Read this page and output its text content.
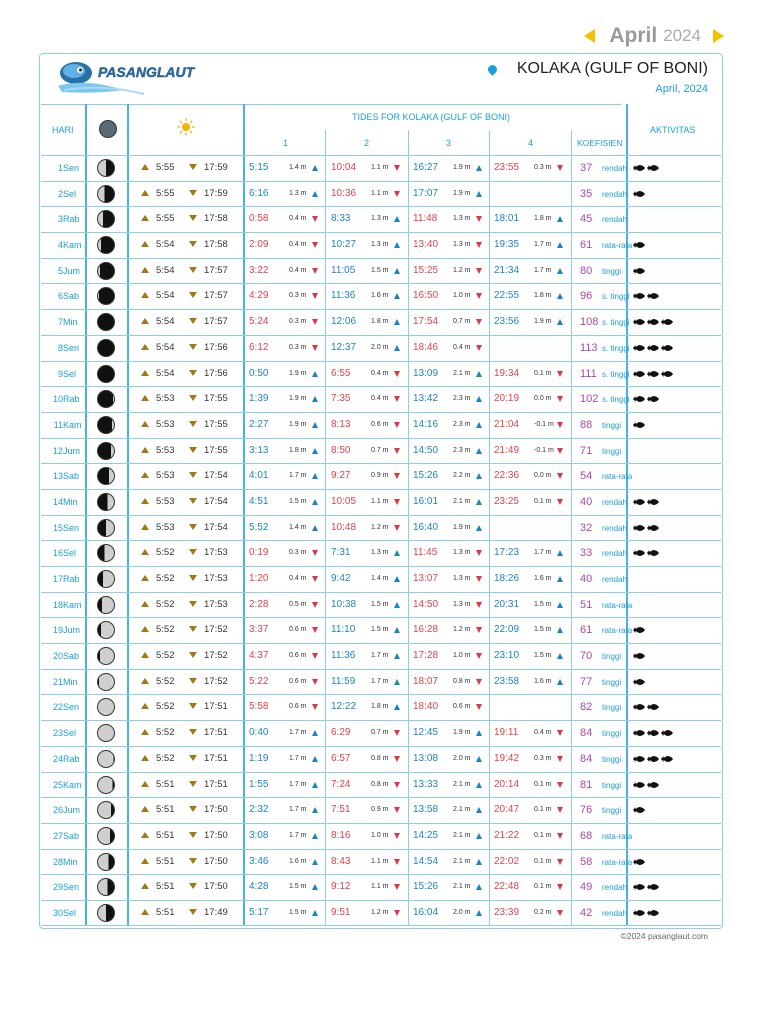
April 2024
PASANGLAUT	KOLAKA (GULF OF BONI)
April, 2024
HARI
TIDES FOR KOLAKA (GULF OF BONI)
1	2	3	4	KOEFISIEN
AKTIVITAS
1 Sen	5:55	17:59 5:15	1.4 m 10:04 1.1 m 16:27 1.9 m 23:55 0.3 m	37 rendah
2 Sel	5:55	17:59 6:16	1.3 m 10:36 1.1 m 17:07 1.9 m	35 rendah
3 Rab	5:55	17:58 0:58	0.4 m 8:33	1.3 m 11:48 1.3 m 18:01 1.8 m	45 rendah
4 Kam	5:54	17:58 2:09	0.4 m 10:27 1.3 m 13:40 1.3 m 19:35 1.7 m	61 rata-rata
5 Jum	5:54	17:57 3:22	0.4 m 11:05 1.5 m 15:25 1.2 m 21:34 1.7 m	80 tinggi
6 Sab	5:54	17:57 4:29	0.3 m 11:36 1.6 m 16:50 1.0 m 22:55 1.8 m	96 s. tinggi
7 Min	5:54	17:57 5:24	0.3 m 12:06 1.8 m 17:54 0.7 m 23:56 1.9 m	108 s. tinggi
8 Sen	5:54	17:56 6:12	0.3 m 12:37 2.0 m 18:46 0.4 m	113 s. tinggi
9 Sel	5:54	17:56 0:50	1.9 m 6:55	0.4 m 13:09 2.1 m 19:34 0.1 m	111 s. tinggi
10 Rab	5:53	17:55 1:39	1.9 m 7:35	0.4 m 13:42 2.3 m 20:19 0.0 m	102 s. tinggi
11 Kam	5:53	17:55 2:27	1.9 m 8:13	0.6 m 14:16 2.3 m 21:04 -0.1 m 88 tinggi
12 Jum	5:53	17:55 3:13	1.8 m 8:50	0.7 m 14:50 2.3 m 21:49 -0.1 m 71 tinggi
13 Sab	5:53	17:54 4:01	1.7 m 9:27	0.9 m 15:26 2.2 m 22:36 0.0 m	54 rata-rata
14 Min	5:53	17:54 4:51	1.5 m 10:05 1.1 m 16:01 2.1 m 23:25 0.1 m	40 rendah
15 Sen	5:53	17:54 5:52	1.4 m 10:48 1.2 m 16:40 1.9 m	32 rendah
16 Sel	5:52	17:53 0:19	0.3 m 7:31	1.3 m 11:45 1.3 m 17:23 1.7 m	33 rendah
17 Rab	5:52	17:53 1:20	0.4 m 9:42	1.4 m 13:07 1.3 m 18:26 1.6 m	40 rendah
18 Kam	5:52	17:53 2:28	0.5 m 10:38 1.5 m 14:50 1.3 m 20:31 1.5 m	51 rata-rata
19 Jum	5:52	17:52 3:37	0.6 m 11:10 1.5 m 16:28 1.2 m 22:09 1.5 m	61 rata-rata
20 Sab	5:52	17:52 4:37	0.6 m 11:36 1.7 m 17:28 1.0 m 23:10 1.5 m	70 tinggi
21 Min	5:52	17:52 5:22	0.6 m 11:59 1.7 m 18:07 0.8 m 23:58 1.6 m	77 tinggi
22 Sen	5:52	17:51 5:58	0.6 m 12:22 1.8 m 18:40 0.6 m	82 tinggi
23 Sel	5:52	17:51 0:40	1.7 m 6:29	0.7 m 12:45 1.9 m 19:11 0.4 m	84 tinggi
24 Rab	5:52	17:51 1:19	1.7 m 6:57	0.8 m 13:08 2.0 m 19:42 0.3 m	84 tinggi
25 Kam	5:51	17:51 1:55	1.7 m 7:24	0.8 m 13:33 2.1 m 20:14 0.1 m	81 tinggi
26 Jum	5:51	17:50 2:32	1.7 m 7:51	0.9 m 13:58 2.1 m 20:47 0.1 m	76 tinggi
27 Sab	5:51	17:50 3:08	1.7 m 8:16	1.0 m 14:25 2.1 m 21:22 0.1 m	68 rata-rata
28 Min	5:51	17:50 3:46	1.6 m 8:43	1.1 m 14:54 2.1 m 22:02 0.1 m	58 rata-rata
29 Sen	5:51	17:50 4:28	1.5 m 9:12	1.1 m 15:26 2.1 m 22:48 0.1 m	49 rendah
30 Sel	5:51	17:49 5:17	1.5 m 9:51	1.2 m 16:04 2.0 m 23:39 0.2 m	42 rendah
©2024 pasanglaut.com
